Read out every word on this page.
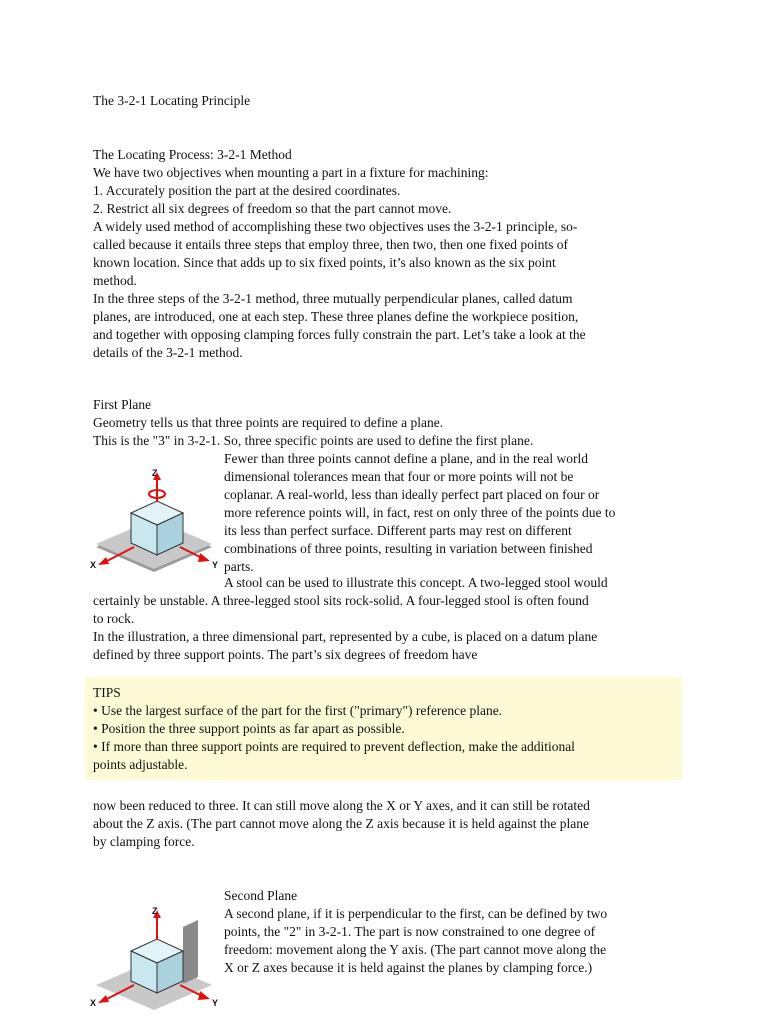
The 3-2-1 Locating Principle
The Locating Process: 3-2-1 Method
We have two objectives when mounting a part in a fixture for machining:
1. Accurately position the part at the desired coordinates.
2. Restrict all six degrees of freedom so that the part cannot move.
A widely used method of accomplishing these two objectives uses the 3-2-1 principle, so-
called because it entails three steps that employ three, then two, then one fixed points of
known location. Since that adds up to six fixed points, it’s also known as the six point
method.
In the three steps of the 3-2-1 method, three mutually perpendicular planes, called datum
planes, are introduced, one at each step. These three planes define the workpiece position,
and together with opposing clamping forces fully constrain the part. Let’s take a look at the
details of the 3-2-1 method.
First Plane
Geometry tells us that three points are required to define a plane.
This is the "3" in 3-2-1. So, three specific points are used to define the first plane.
Fewer than three points cannot define a plane, and in the real world
dimensional tolerances mean that four or more points will not be
coplanar. A real-world, less than ideally perfect part placed on four or
more reference points will, in fact, rest on only three of the points due to
its less than perfect surface. Different parts may rest on different
combinations of three points, resulting in variation between finished
parts.
A stool can be used to illustrate this concept. A two-legged stool would
certainly be unstable. A three-legged stool sits rock-solid. A four-legged stool is often found
to rock.
In the illustration, a three dimensional part, represented by a cube, is placed on a datum plane
defined by three support points. The part’s six degrees of freedom have
Z
X	Y
TIPS
• Use the largest surface of the part for the first ("primary") reference plane.
• Position the three support points as far apart as possible.
• If more than three support points are required to prevent deflection, make the additional
points adjustable.
now been reduced to three. It can still move along the X or Y axes, and it can still be rotated
about the Z axis. (The part cannot move along the Z axis because it is held against the plane
by clamping force.
Second Plane
A second plane, if it is perpendicular to the first, can be defined by two
points, the "2" in 3-2-1. The part is now constrained to one degree of
freedom: movement along the Y axis. (The part cannot move along the
X or Z axes because it is held against the planes by clamping force.)
Z
X	Y
